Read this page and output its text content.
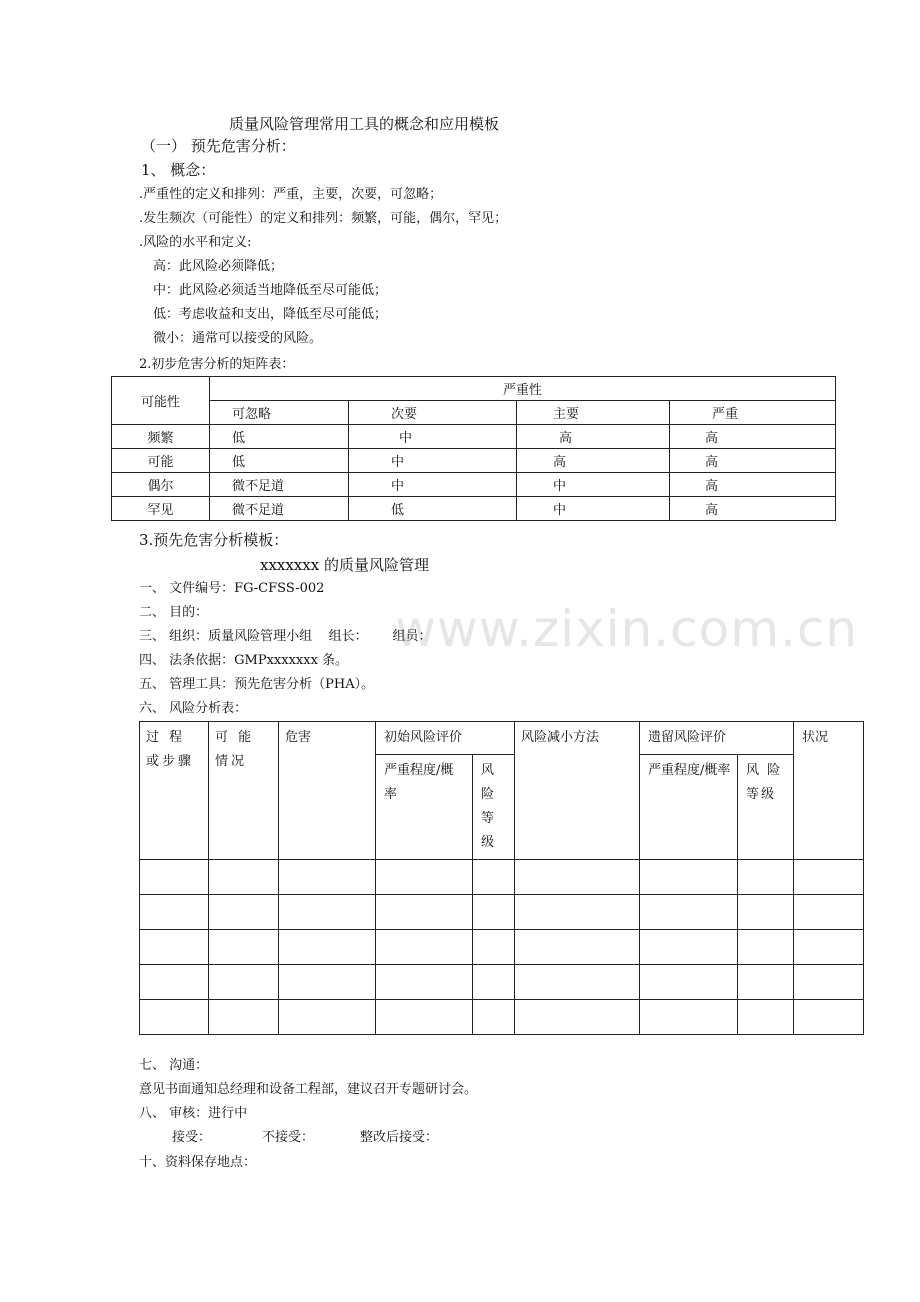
www.zixin.com.cn
质量风险管理常用工具的概念和应用模板
（一） 预先危害分析：
1、 概念：
.严重性的定义和排列：严重，主要，次要，可忽略；
.发生频次（可能性）的定义和排列：频繁，可能，偶尔，罕见；
.风险的水平和定义:
高：此风险必须降低；
中：此风险必须适当地降低至尽可能低；
低：考虑收益和支出，降低至尽可能低；
微小：通常可以接受的风险。
2.初步危害分析的矩阵表：
可能性	严重性			
	可忽略	次要	主要	严重
频繁	低	中	高	高
可能	低	中	高	高
偶尔	微不足道	中	中	高
罕见	微不足道	低	中	高
3.预先危害分析模板：
xxxxxxx 的质量风险管理
一、 文件编号：FG-CFSS-002
二、 目的：
三、 组织：质量风险管理小组    组长：      组员：
四、 法条依据：GMPxxxxxxx 条。
五、 管理工具：预先危害分析（PHA）。
六、 风险分析表：
过 程 或步骤	可 能 情况	危害	初始风险评价		风险减小方法	遗留风险评价		状况
			严重程度/概率	风险等级		严重程度/概率	风 险等级	

七、 沟通：
意见书面通知总经理和设备工程部，建议召开专题研讨会。
八、 审核：进行中
接受：	不接受：	整改后接受：
十、资料保存地点：
